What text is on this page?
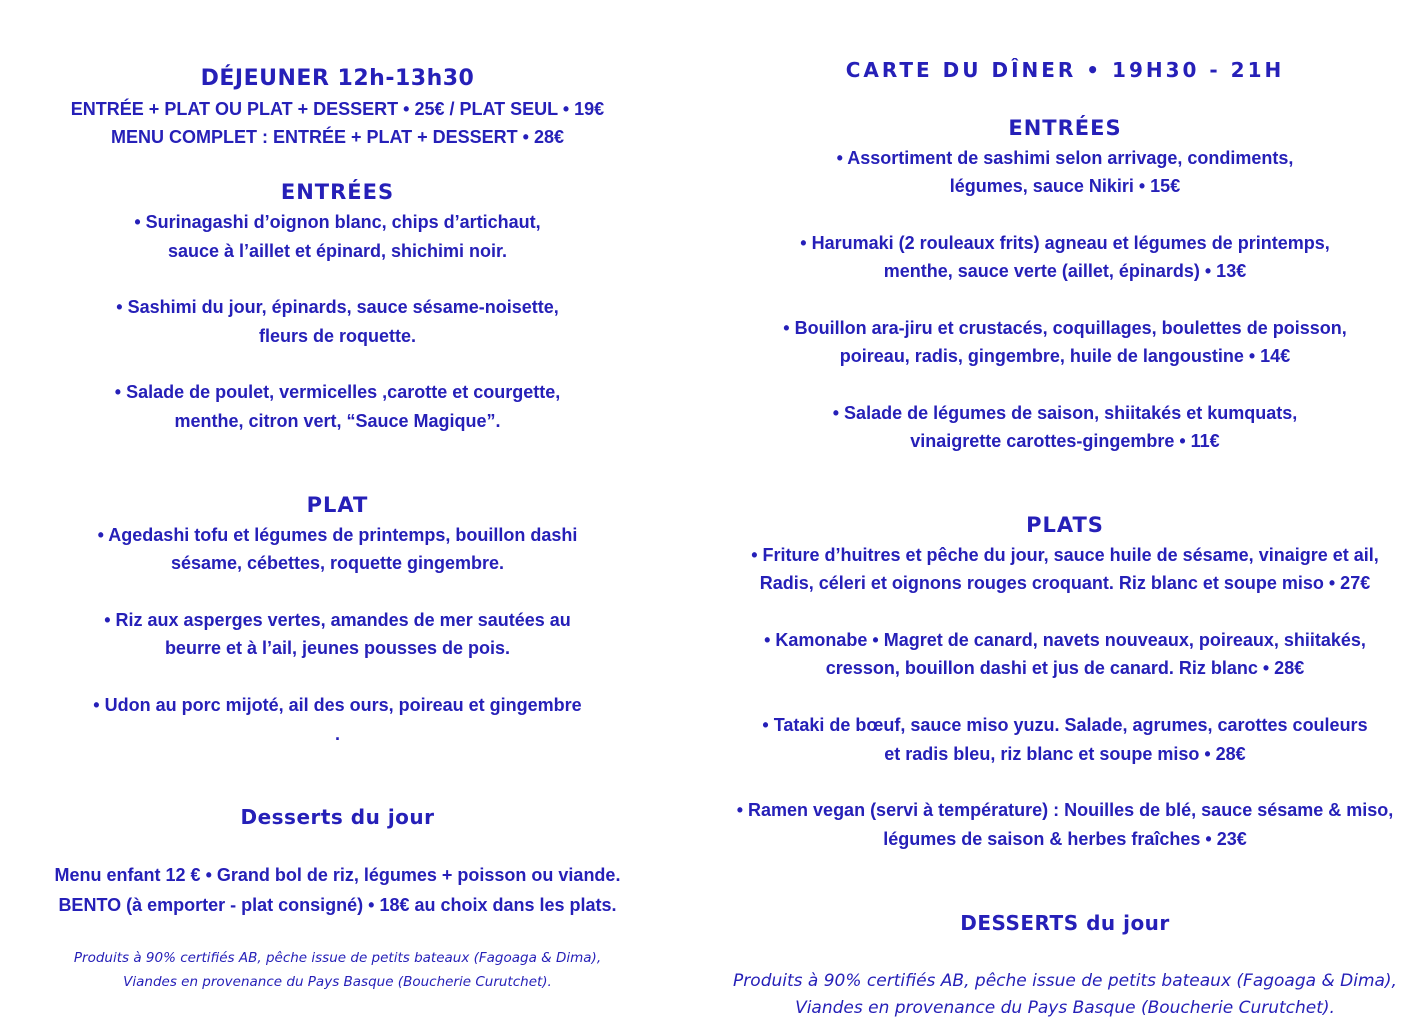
DÉJEUNER 12h-13h30
ENTRÉE + PLAT OU PLAT + DESSERT • 25€ / PLAT SEUL • 19€
MENU COMPLET : ENTRÉE + PLAT + DESSERT • 28€
ENTRÉES
• Surinagashi d’oignon blanc, chips d’artichaut,
sauce à l’aillet et épinard, shichimi noir.
• Sashimi du jour, épinards, sauce sésame-noisette,
fleurs de roquette.
• Salade de poulet, vermicelles ,carotte et courgette,
menthe, citron vert, “Sauce Magique”.
PLAT
• Agedashi tofu et légumes de printemps, bouillon dashi
sésame, cébettes, roquette gingembre.
• Riz aux asperges vertes, amandes de mer sautées au
beurre et à l’ail, jeunes pousses de pois.
• Udon au porc mijoté, ail des ours, poireau et gingembre
.
Desserts du jour
Menu enfant 12 € • Grand bol de riz, légumes + poisson ou viande.
BENTO (à emporter - plat consigné) • 18€ au choix dans les plats.
Produits à 90% certifiés AB, pêche issue de petits bateaux (Fagoaga & Dima),
Viandes en provenance du Pays Basque (Boucherie Curutchet).
CARTE DU DÎNER • 19H30 - 21H
ENTRÉES
• Assortiment de sashimi selon arrivage, condiments,
légumes, sauce Nikiri • 15€
• Harumaki (2 rouleaux frits) agneau et légumes de printemps,
menthe, sauce verte (aillet, épinards) • 13€
• Bouillon ara-jiru et crustacés, coquillages, boulettes de poisson,
poireau, radis, gingembre, huile de langoustine • 14€
• Salade de légumes de saison, shiitakés et kumquats,
vinaigrette carottes-gingembre • 11€
PLATS
• Friture d’huitres et pêche du jour, sauce huile de sésame, vinaigre et ail,
Radis, céleri et oignons rouges croquant. Riz blanc et soupe miso • 27€
• Kamonabe • Magret de canard, navets nouveaux, poireaux, shiitakés,
cresson, bouillon dashi et jus de canard. Riz blanc • 28€
• Tataki de bœuf, sauce miso yuzu. Salade, agrumes, carottes couleurs
et radis bleu, riz blanc et soupe miso • 28€
• Ramen vegan (servi à température) : Nouilles de blé, sauce sésame & miso,
légumes de saison & herbes fraîches • 23€
DESSERTS du jour
Produits à 90% certifiés AB, pêche issue de petits bateaux (Fagoaga & Dima),
Viandes en provenance du Pays Basque (Boucherie Curutchet).
